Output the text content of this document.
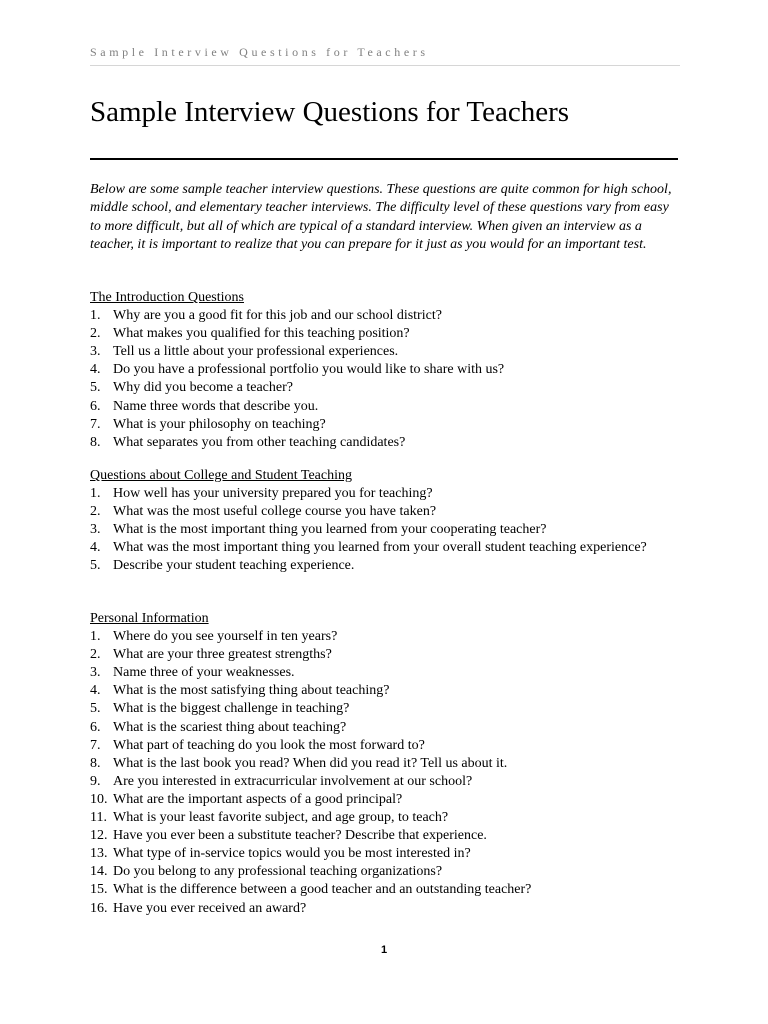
Sample Interview Questions for Teachers
Sample Interview Questions for Teachers

Below are some sample teacher interview questions. These questions are quite common for high school, middle school, and elementary teacher interviews. The difficulty level of these questions vary from easy to more difficult, but all of which are typical of a standard interview. When given an interview as a teacher, it is important to realize that you can prepare for it just as you would for an important test.

The Introduction Questions
1. Why are you a good fit for this job and our school district?
2. What makes you qualified for this teaching position?
3. Tell us a little about your professional experiences.
4. Do you have a professional portfolio you would like to share with us?
5. Why did you become a teacher?
6. Name three words that describe you.
7. What is your philosophy on teaching?
8. What separates you from other teaching candidates?
Questions about College and Student Teaching
1. How well has your university prepared you for teaching?
2. What was the most useful college course you have taken?
3. What is the most important thing you learned from your cooperating teacher?
4. What was the most important thing you learned from your overall student teaching experience?
5. Describe your student teaching experience.
Personal Information
1. Where do you see yourself in ten years?
2. What are your three greatest strengths?
3. Name three of your weaknesses.
4. What is the most satisfying thing about teaching?
5. What is the biggest challenge in teaching?
6. What is the scariest thing about teaching?
7. What part of teaching do you look the most forward to?
8. What is the last book you read? When did you read it? Tell us about it.
9. Are you interested in extracurricular involvement at our school?
10. What are the important aspects of a good principal?
11. What is your least favorite subject, and age group, to teach?
12. Have you ever been a substitute teacher? Describe that experience.
13. What type of in-service topics would you be most interested in?
14. Do you belong to any professional teaching organizations?
15. What is the difference between a good teacher and an outstanding teacher?
16. Have you ever received an award?
1
